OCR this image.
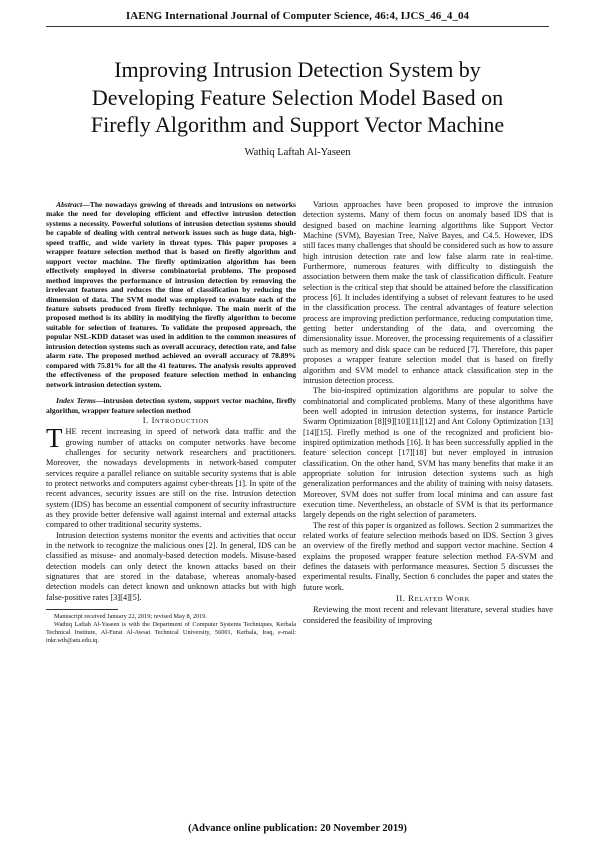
IAENG International Journal of Computer Science, 46:4, IJCS_46_4_04
Improving Intrusion Detection System by
Developing Feature Selection Model Based on
Firefly Algorithm and Support Vector Machine
Wathiq Laftah Al-Yaseen

Abstract—The nowadays growing of threads and intrusions on networks make the need for developing efficient and effective intrusion detection systems a necessity. Powerful solutions of intrusion detection systems should be capable of dealing with central network issues such as huge data, high-speed traffic, and wide variety in threat types. This paper proposes a wrapper feature selection method that is based on firefly algorithm and support vector machine. The firefly optimization algorithm has been effectively employed in diverse combinatorial problems. The proposed method improves the performance of intrusion detection by removing the irrelevant features and reduces the time of classification by reducing the dimension of data. The SVM model was employed to evaluate each of the feature subsets produced from firefly technique. The main merit of the proposed method is its ability in modifying the firefly algorithm to become suitable for selection of features. To validate the proposed approach, the popular NSL-KDD dataset was used in addition to the common measures of intrusion detection systems such as overall accuracy, detection rate, and false alarm rate. The proposed method achieved an overall accuracy of 78.89% compared with 75.81% for all the 41 features. The analysis results approved the effectiveness of the proposed feature selection method in enhancing network intrusion detection system.

Index Terms—intrusion detection system, support vector machine, firefly algorithm, wrapper feature selection method

I. INTRODUCTION

THE recent increasing in speed of network data traffic and the growing number of attacks on computer networks have become challenges for security network researchers and practitioners. Moreover, the nowadays developments in network-based computer services require a parallel reliance on suitable security systems that is able to protect networks and computers against cyber-threats [1]. In spite of the recent advances, security issues are still on the rise. Intrusion detection system (IDS) has become an essential component of security infrastructure as they provide better defensive wall against internal and external attacks compared to other traditional security systems.

Intrusion detection systems monitor the events and activities that occur in the network to recognize the malicious ones [2]. In general, IDS can be classified as misuse- and anomaly-based detection models. Misuse-based detection models can only detect the known attacks based on their signatures that are stored in the database, whereas anomaly-based detection models can detect known and unknown attacks but with high false-positive rates [3][4][5].

Manuscript received January 22, 2019; revised May 8, 2019.

Wathiq Laftah Al-Yaseen is with the Department of Computer Systems Techniques, Kerbala Technical Institute, Al-Furat Al-Awsat Technical University, 56001, Kerbala, Iraq, e-mail: inkr.wth@atu.edu.iq.

Various approaches have been proposed to improve the intrusion detection systems. Many of them focus on anomaly based IDS that is designed based on machine learning algorithms like Support Vector Machine (SVM), Bayesian Tree, Naïve Bayes, and C4.5. However, IDS still faces many challenges that should be considered such as how to assure high intrusion detection rate and low false alarm rate in real-time. Furthermore, numerous features with difficulty to distinguish the association between them make the task of classification difficult. Feature selection is the critical step that should be attained before the classification process [6]. It includes identifying a subset of relevant features to be used in the classification process. The central advantages of feature selection process are improving prediction performance, reducing computation time, getting better understanding of the data, and overcoming the dimensionality issue. Moreover, the processing requirements of a classifier such as memory and disk space can be reduced [7]. Therefore, this paper proposes a wrapper feature selection model that is based on firefly algorithm and SVM model to enhance attack classification step in the intrusion detection process.

The bio-inspired optimization algorithms are popular to solve the combinatorial and complicated problems. Many of these algorithms have been well adopted in intrusion detection systems, for instance Particle Swarm Optimization [8][9][10][11][12] and Ant Colony Optimization [13][14][15]. Firefly method is one of the recognized and proficient bio-inspired optimization methods [16]. It has been successfully applied in the feature selection concept [17][18] but never employed in intrusion classification. On the other hand, SVM has many benefits that make it an appropriate solution for intrusion detection systems such as high generalization performances and the ability of training with noisy datasets. Moreover, SVM does not suffer from local minima and can assure fast execution time. Nevertheless, an obstacle of SVM is that its performance largely depends on the right selection of parameters.

The rest of this paper is organized as follows. Section 2 summarizes the related works of feature selection methods based on IDS. Section 3 gives an overview of the firefly method and support vector machine. Section 4 explains the proposed wrapper feature selection method FA-SVM and defines the datasets with performance measures. Section 5 discusses the experimental results. Finally, Section 6 concludes the paper and states the future work.

II. RELATED WORK

Reviewing the most recent and relevant literature, several studies have considered the feasibility of improving

(Advance online publication: 20 November 2019)
